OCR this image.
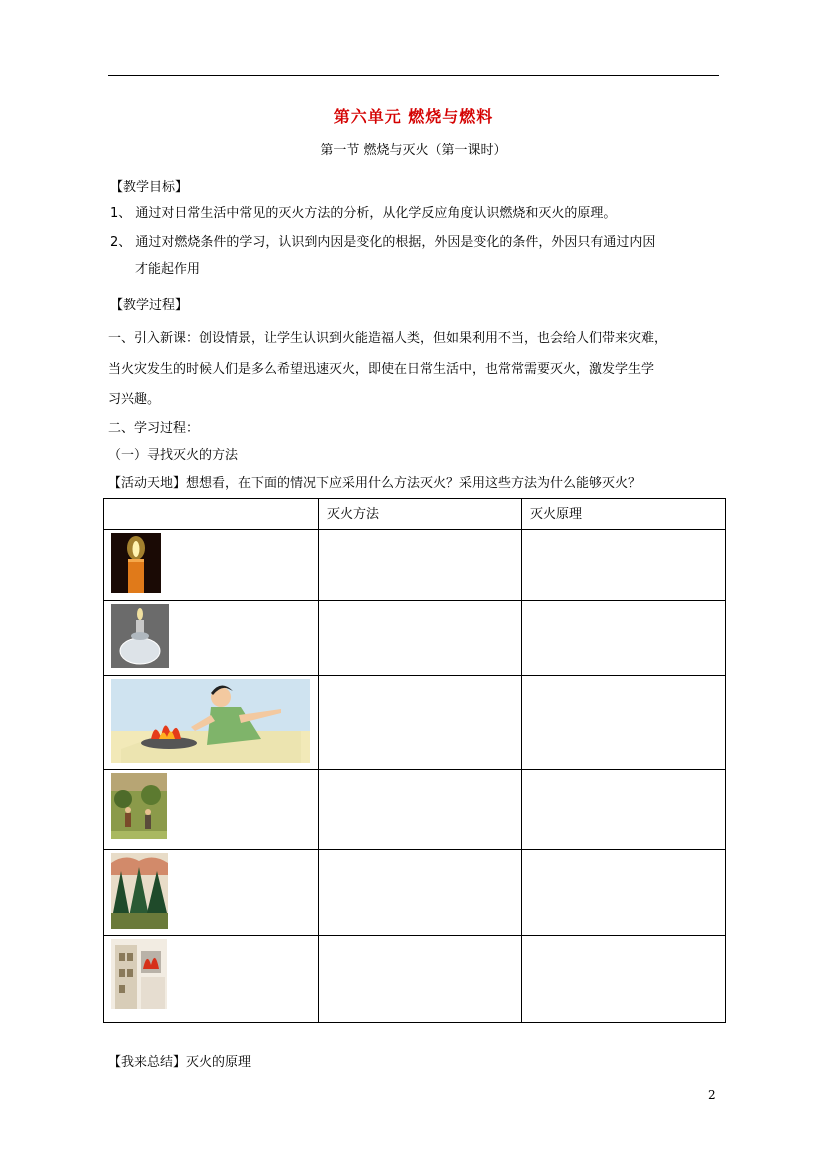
第六单元 燃烧与燃料
第一节 燃烧与灭火（第一课时）
【教学目标】
1、 通过对日常生活中常见的灭火方法的分析，从化学反应角度认识燃烧和灭火的原理。
2、 通过对燃烧条件的学习，认识到内因是变化的根据，外因是变化的条件，外因只有通过内因
才能起作用
【教学过程】
一、引入新课：创设情景，让学生认识到火能造福人类，但如果利用不当，也会给人们带来灾难，
当火灾发生的时候人们是多么希望迅速灭火，即使在日常生活中，也常常需要灭火，激发学生学
习兴趣。
二、学习过程：
（一）寻找灭火的方法
【活动天地】想想看，在下面的情况下应采用什么方法灭火？采用这些方法为什么能够灭火？
	灭火方法	灭火原理

【我来总结】灭火的原理
2
